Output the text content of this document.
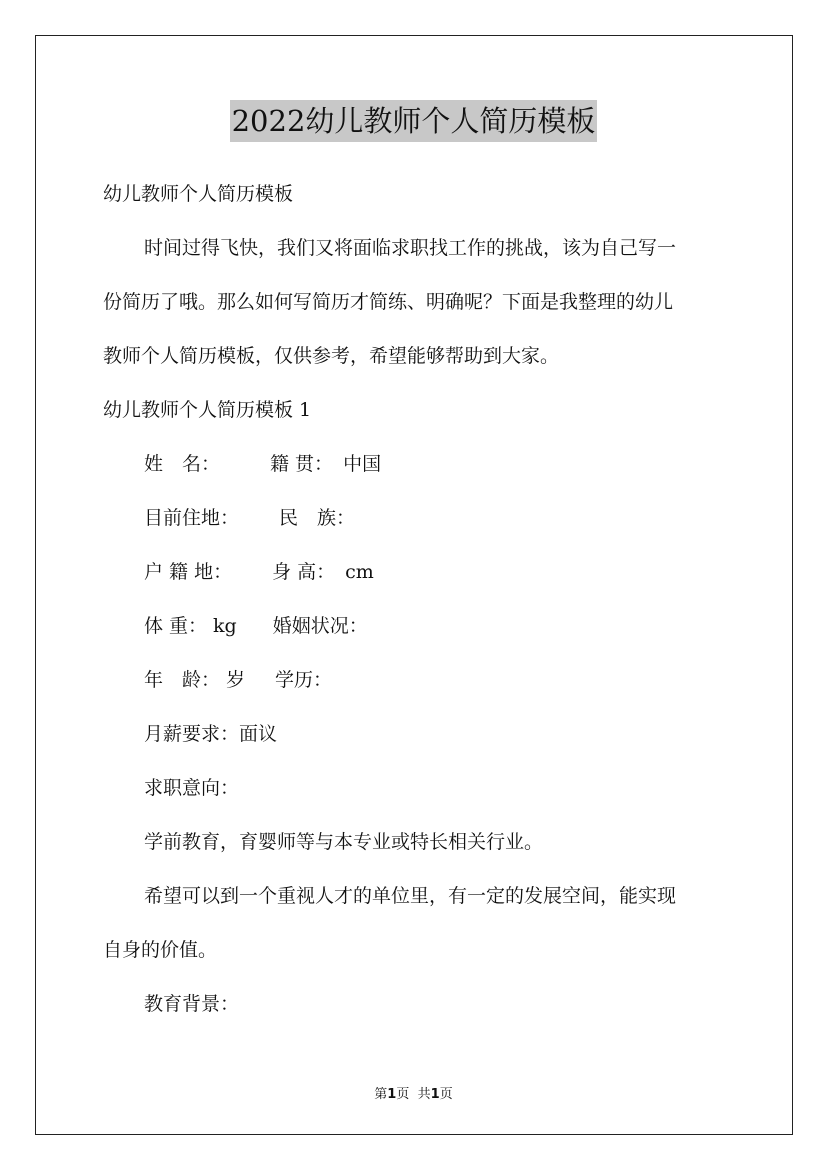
2022幼儿教师个人简历模板
幼儿教师个人简历模板
时间过得飞快，我们又将面临求职找工作的挑战，该为自己写一
份简历了哦。那么如何写简历才简练、明确呢？下面是我整理的幼儿
教师个人简历模板，仅供参考，希望能够帮助到大家。
幼儿教师个人简历模板 1
姓　名：	籍 贯： 中国
目前住地： 民　族：
户 籍 地： 身 高： cm
体 重： kg 婚姻状况：
年　龄： 岁 学历：
月薪要求：面议
求职意向：
学前教育，育婴师等与本专业或特长相关行业。
希望可以到一个重视人才的单位里，有一定的发展空间，能实现
自身的价值。
教育背景：
第1页 共1页
